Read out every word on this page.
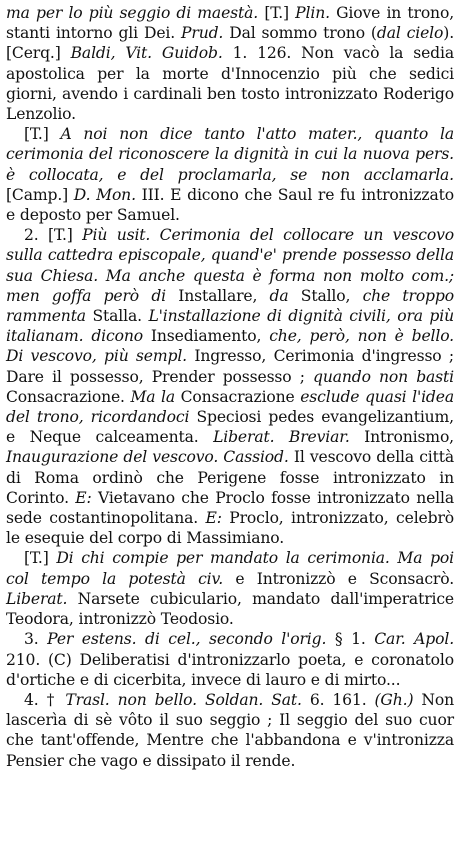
ma per lo più seggio di maestà. [T.] Plin. Giove in trono, stanti intorno gli Dei. Prud. Dal sommo trono (dal cielo). [Cerq.] Baldi, Vit. Guidob. 1. 126. Non vacò la sedia apostolica per la morte d'Innocenzio più che sedici giorni, avendo i cardinali ben tosto intronizzato Roderigo Lenzolio.

[T.] A noi non dice tanto l'atto mater., quanto la cerimonia del riconoscere la dignità in cui la nuova pers. è collocata, e del proclamarla, se non acclamarla. [Camp.] D. Mon. III. E dicono che Saul re fu intronizzato e deposto per Samuel.

2. [T.] Più usit. Cerimonia del collocare un vescovo sulla cattedra episcopale, quand'e' prende possesso della sua Chiesa. Ma anche questa è forma non molto com.; men goffa però di Installare, da Stallo, che troppo rammenta Stalla. L'installazione di dignità civili, ora più italianam. dicono Insediamento, che, però, non è bello. Di vescovo, più sempl. Ingresso, Cerimonia d'ingresso ; Dare il possesso, Prender possesso ; quando non basti Consacrazione. Ma la Consacrazione esclude quasi l'idea del trono, ricordandoci Speciosi pedes evangelizantium, e Neque calceamenta. Liberat. Breviar. Intronismo, Inaugurazione del vescovo. Cassiod. Il vescovo della città di Roma ordinò che Perigene fosse intronizzato in Corinto. E: Vietavano che Proclo fosse intronizzato nella sede costantinopolitana. E: Proclo, intronizzato, celebrò le esequie del corpo di Massimiano.

[T.] Di chi compie per mandato la cerimonia. Ma poi col tempo la potestà civ. e Intronizzò e Sconsacrò. Liberat. Narsete cubiculario, mandato dall'imperatrice Teodora, intronizzò Teodosio.

3. Per estens. di cel., secondo l'orig. § 1. Car. Apol. 210. (C) Deliberatisi d'intronizzarlo poeta, e coronatolo d'ortiche e di cicerbita, invece di lauro e di mirto...

4. † Trasl. non bello. Soldan. Sat. 6. 161. (Gh.) Non lascerìa di sè vôto il suo seggio ; Il seggio del suo cuor che tant'offende, Mentre che l'abbandona e v'intronizza Pensier che vago e dissipato il rende.
